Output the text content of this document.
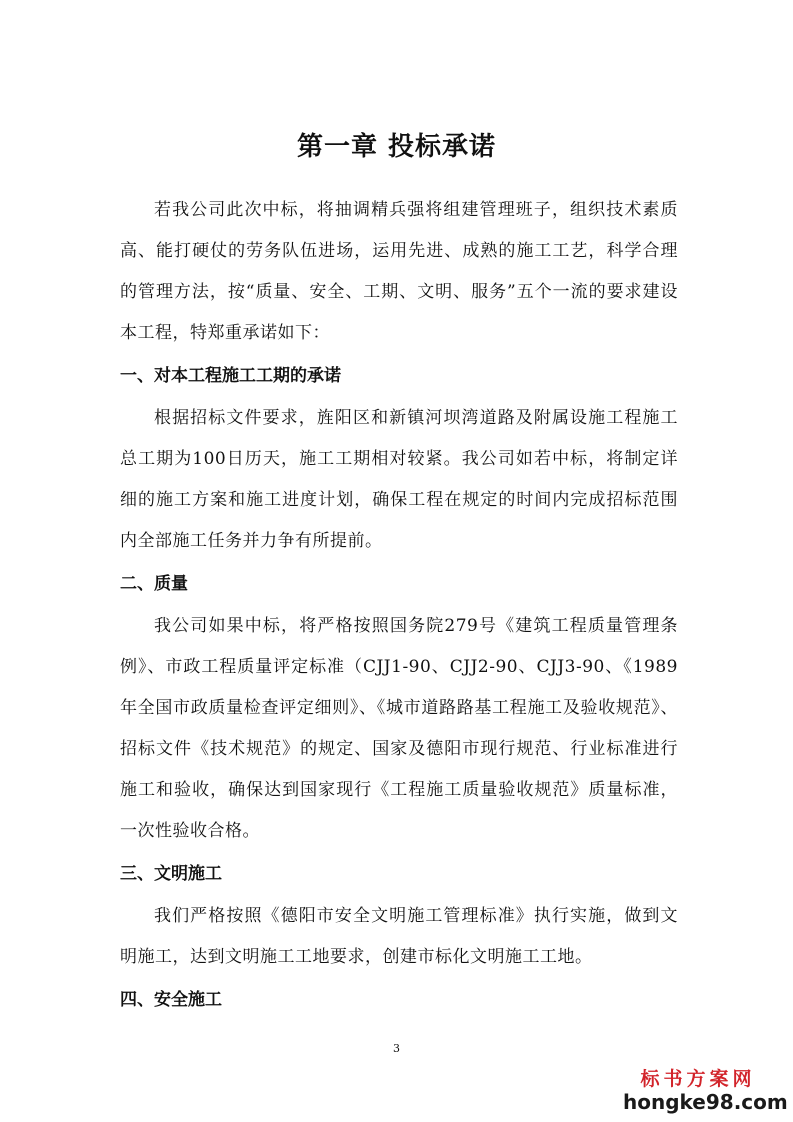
第一章 投标承诺

若我公司此次中标，将抽调精兵强将组建管理班子，组织技术素质高、能打硬仗的劳务队伍进场，运用先进、成熟的施工工艺，科学合理的管理方法，按“质量、安全、工期、文明、服务”五个一流的要求建设本工程，特郑重承诺如下：

一、对本工程施工工期的承诺

根据招标文件要求，旌阳区和新镇河坝湾道路及附属设施工程施工总工期为100日历天，施工工期相对较紧。我公司如若中标，将制定详细的施工方案和施工进度计划，确保工程在规定的时间内完成招标范围内全部施工任务并力争有所提前。

二、质量

我公司如果中标，将严格按照国务院279号《建筑工程质量管理条例》、市政工程质量评定标准（CJJ1-90、CJJ2-90、CJJ3-90、《1989年全国市政质量检查评定细则》、《城市道路路基工程施工及验收规范》、招标文件《技术规范》的规定、国家及德阳市现行规范、行业标准进行施工和验收，确保达到国家现行《工程施工质量验收规范》质量标准，一次性验收合格。

三、文明施工

我们严格按照《德阳市安全文明施工管理标准》执行实施，做到文明施工，达到文明施工工地要求，创建市标化文明施工工地。

四、安全施工
3
标书方案网
hongke98.com
